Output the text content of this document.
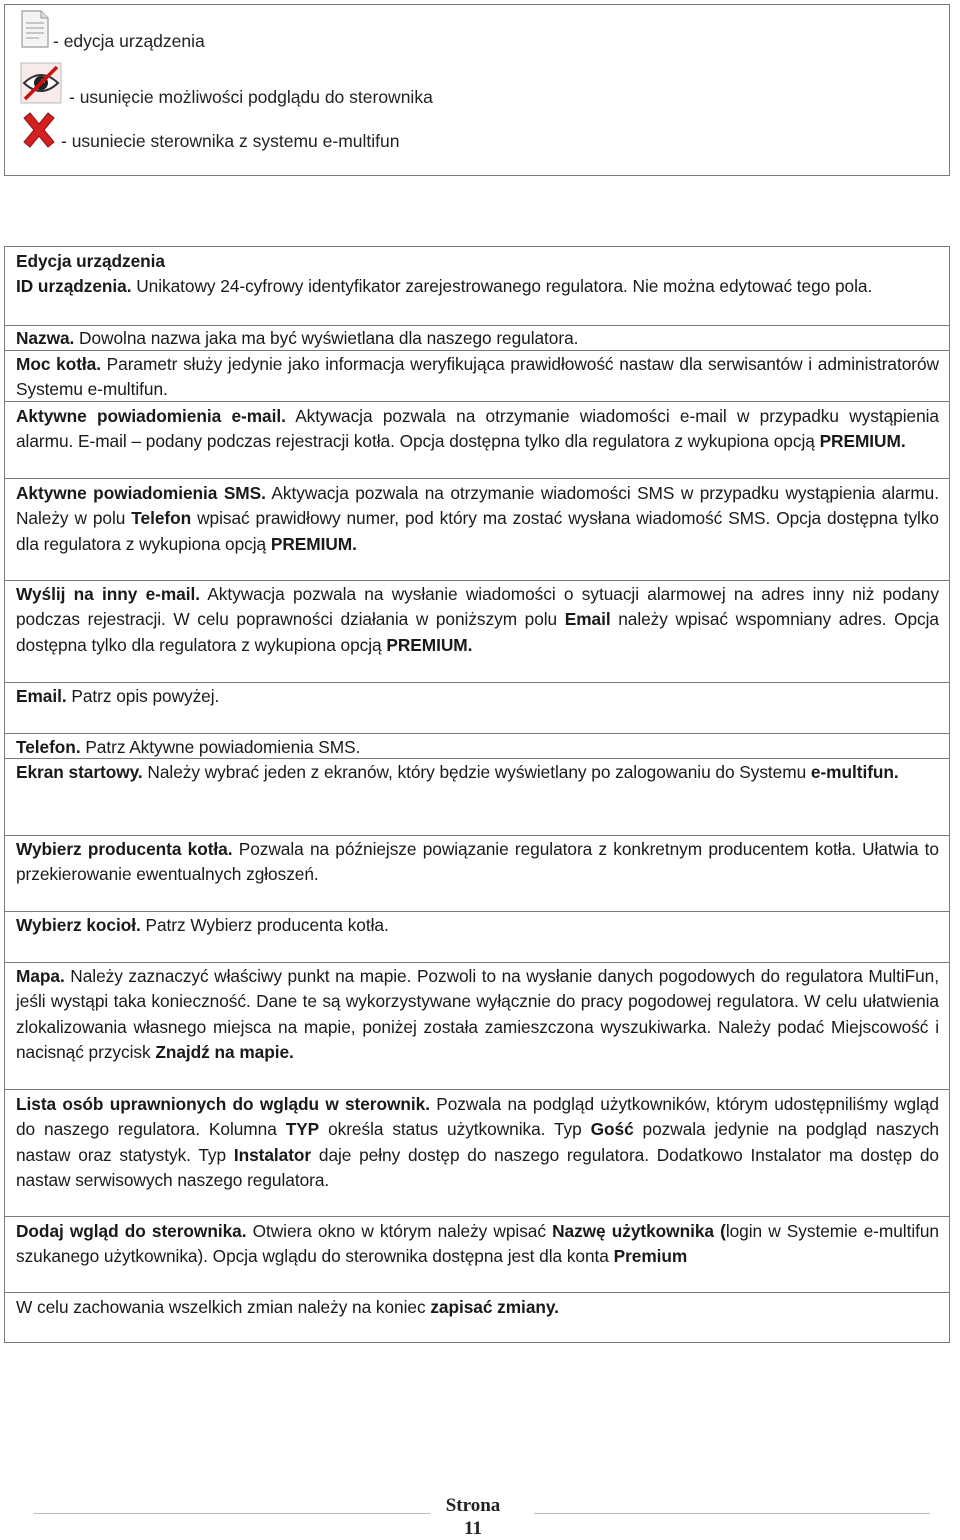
- edycja urządzenia
- usunięcie możliwości podglądu do sterownika
- usuniecie sterownika z systemu e-multifun

Edycja urządzenia

ID urządzenia. Unikatowy 24-cyfrowy identyfikator zarejestrowanego regulatora. Nie można edytować tego pola.

Nazwa. Dowolna nazwa jaka ma być wyświetlana dla naszego regulatora.

Moc kotła. Parametr służy jedynie jako informacja weryfikująca prawidłowość nastaw dla serwisantów i administratorów Systemu e-multifun.

Aktywne powiadomienia e-mail. Aktywacja pozwala na otrzymanie wiadomości e-mail w przypadku wystąpienia alarmu. E-mail – podany podczas rejestracji kotła. Opcja dostępna tylko dla regulatora z wykupiona opcją PREMIUM.

Aktywne powiadomienia SMS. Aktywacja pozwala na otrzymanie wiadomości SMS w przypadku wystąpienia alarmu. Należy w polu Telefon wpisać prawidłowy numer, pod który ma zostać wysłana wiadomość SMS. Opcja dostępna tylko dla regulatora z wykupiona opcją PREMIUM.

Wyślij na inny e-mail. Aktywacja pozwala na wysłanie wiadomości o sytuacji alarmowej na adres inny niż podany podczas rejestracji. W celu poprawności działania w poniższym polu Email należy wpisać wspomniany adres. Opcja dostępna tylko dla regulatora z wykupiona opcją PREMIUM.

Email. Patrz opis powyżej.

Telefon. Patrz Aktywne powiadomienia SMS.

Ekran startowy. Należy wybrać jeden z ekranów, który będzie wyświetlany po zalogowaniu do Systemu e-multifun.

Wybierz producenta kotła. Pozwala na późniejsze powiązanie regulatora z konkretnym producentem kotła. Ułatwia to przekierowanie ewentualnych zgłoszeń.

Wybierz kocioł. Patrz Wybierz producenta kotła.

Mapa. Należy zaznaczyć właściwy punkt na mapie. Pozwoli to na wysłanie danych pogodowych do regulatora MultiFun, jeśli wystąpi taka konieczność. Dane te są wykorzystywane wyłącznie do pracy pogodowej regulatora. W celu ułatwienia zlokalizowania własnego miejsca na mapie, poniżej została zamieszczona wyszukiwarka. Należy podać Miejscowość i nacisnąć przycisk Znajdź na mapie.

Lista osób uprawnionych do wglądu w sterownik. Pozwala na podgląd użytkowników, którym udostępniliśmy wgląd do naszego regulatora. Kolumna TYP określa status użytkownika. Typ Gość pozwala jedynie na podgląd naszych nastaw oraz statystyk. Typ Instalator daje pełny dostęp do naszego regulatora. Dodatkowo Instalator ma dostęp do nastaw serwisowych naszego regulatora.

Dodaj wgląd do sterownika. Otwiera okno w którym należy wpisać Nazwę użytkownika (login w Systemie e-multifun szukanego użytkownika). Opcja wglądu do sterownika dostępna jest dla konta Premium

W celu zachowania wszelkich zmian należy na koniec zapisać zmiany.

Strona
11
